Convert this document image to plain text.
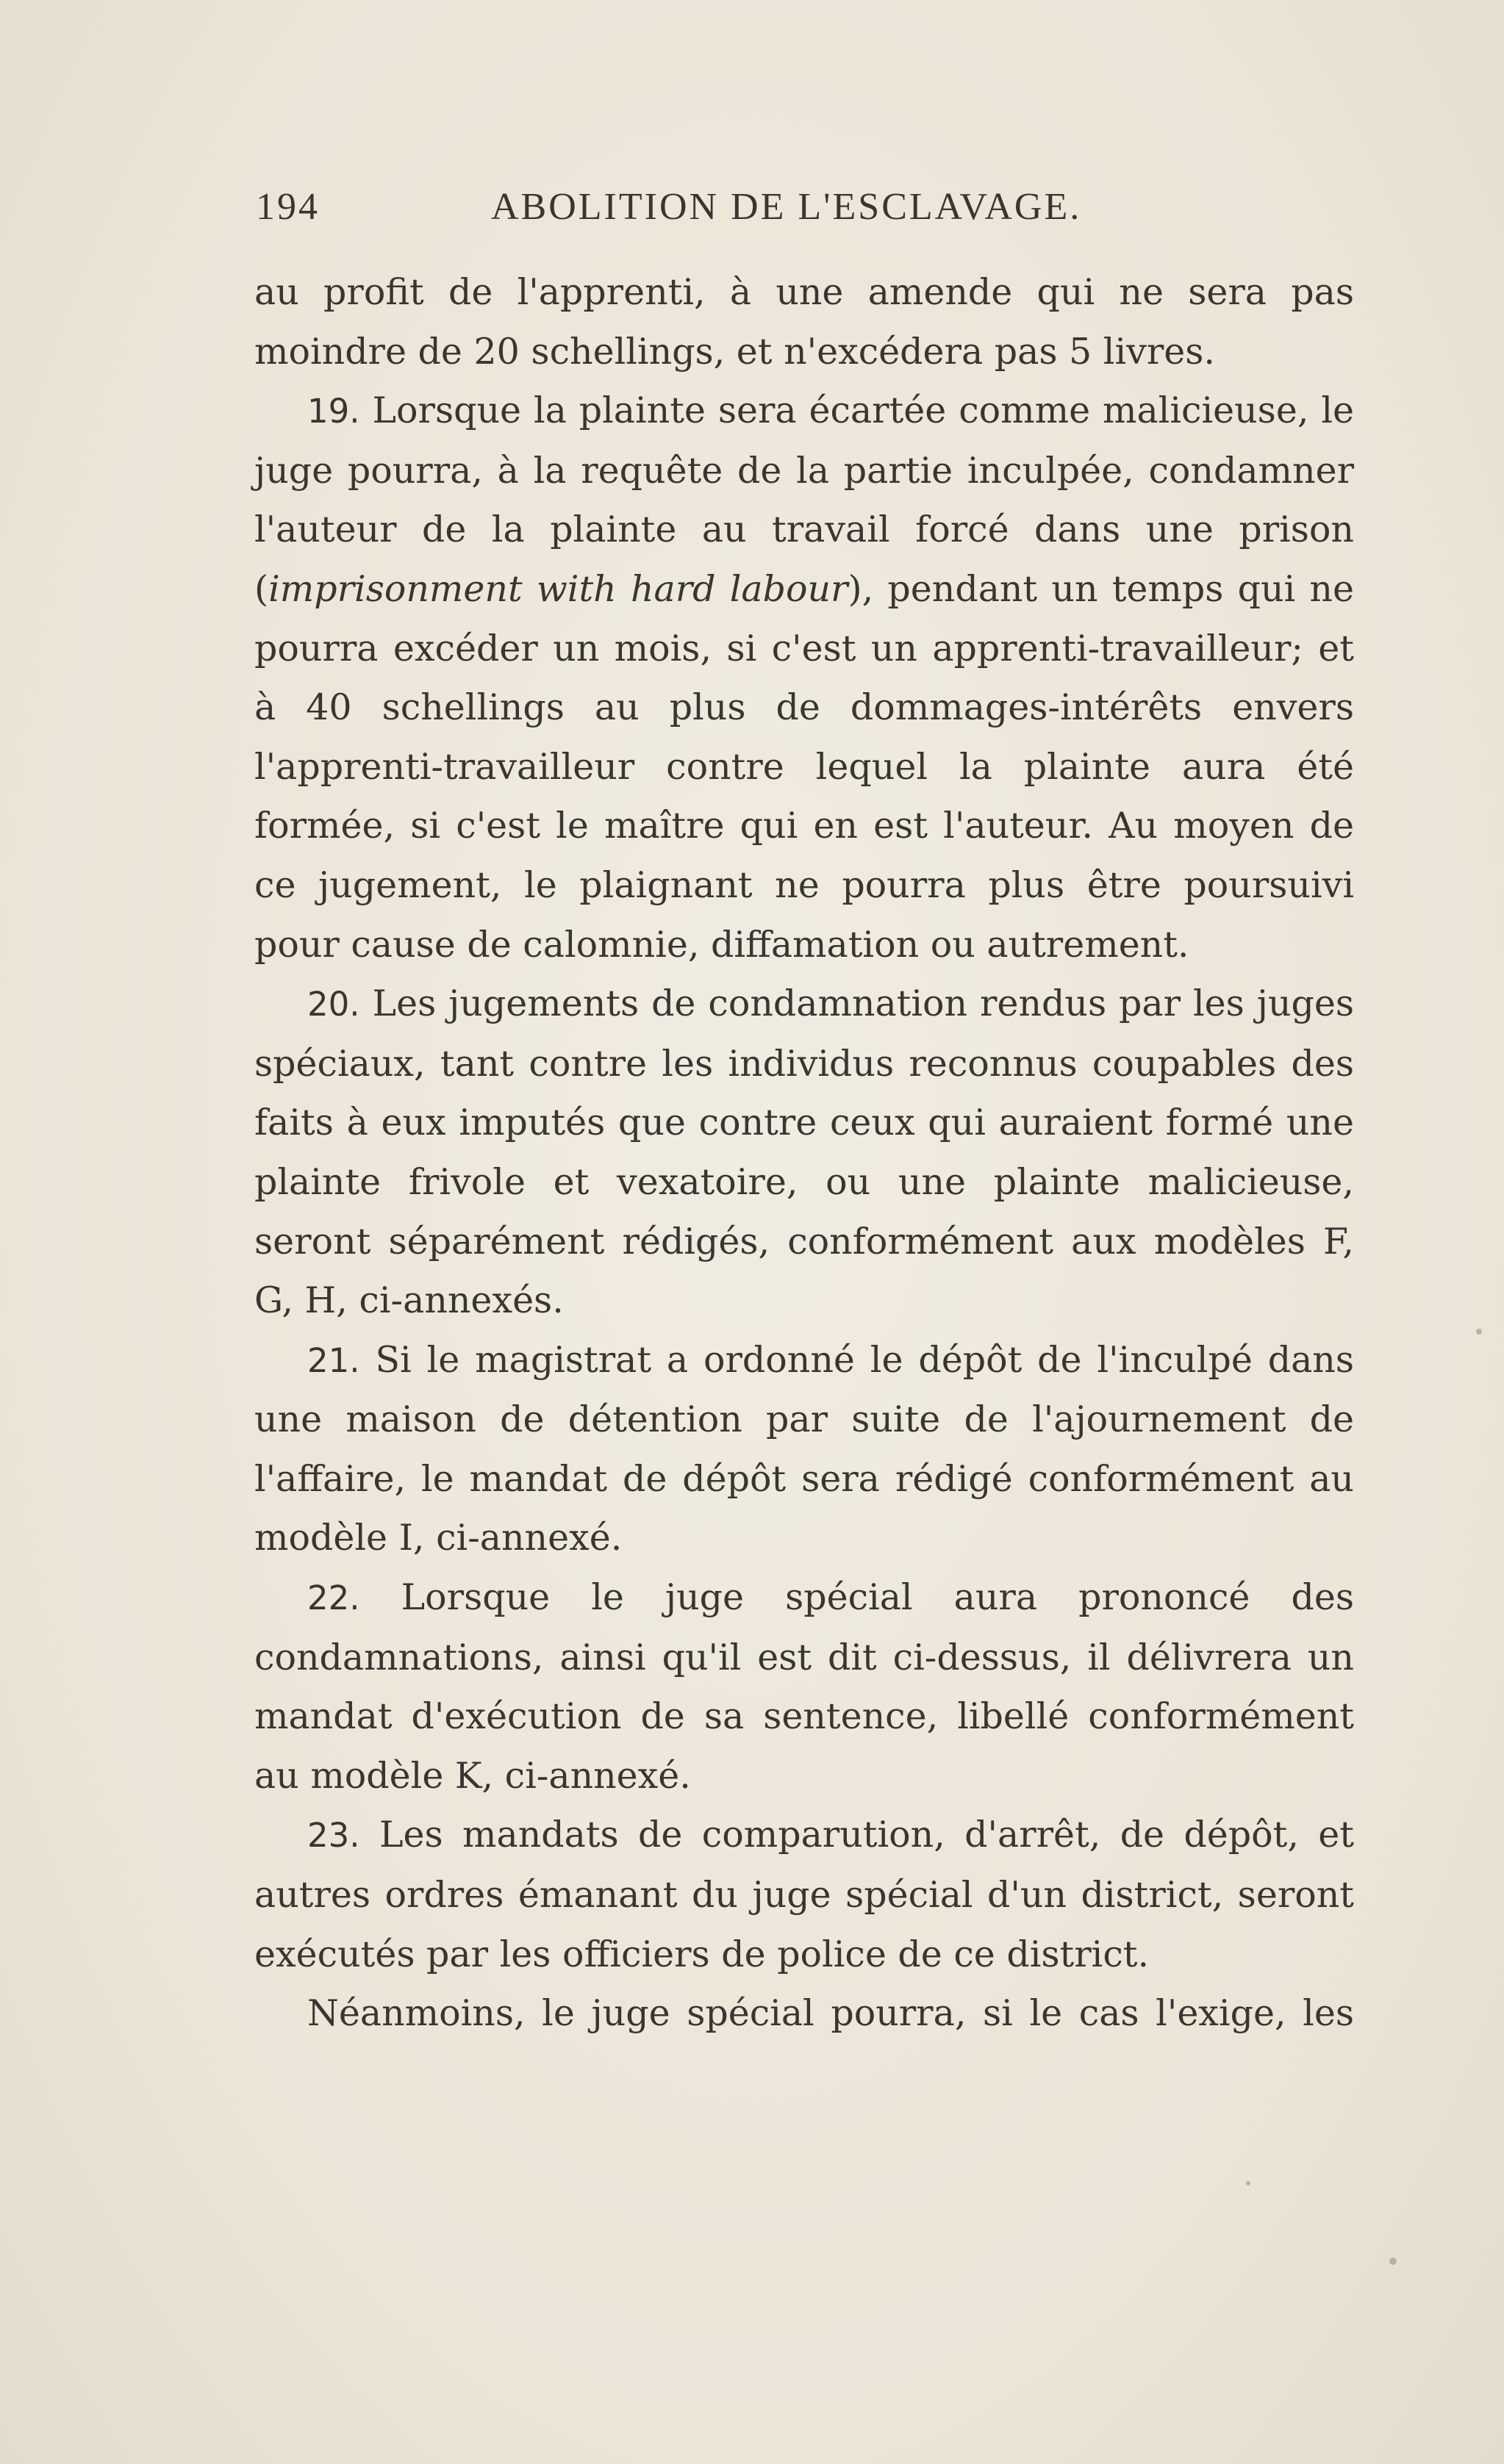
194	ABOLITION DE L'ESCLAVAGE.

au profit de l'apprenti, à une amende qui ne sera pas moindre de 20 schellings, et n'excédera pas 5 livres.

19. Lorsque la plainte sera écartée comme malicieuse, le juge pourra, à la requête de la partie inculpée, condamner l'auteur de la plainte au travail forcé dans une prison (imprisonment with hard labour), pendant un temps qui ne pourra excéder un mois, si c'est un apprenti-travailleur; et à 40 schellings au plus de dommages-intérêts envers l'apprenti-travailleur contre lequel la plainte aura été formée, si c'est le maître qui en est l'auteur. Au moyen de ce jugement, le plaignant ne pourra plus être poursuivi pour cause de calomnie, diffamation ou autrement.

20. Les jugements de condamnation rendus par les juges spéciaux, tant contre les individus reconnus coupables des faits à eux imputés que contre ceux qui auraient formé une plainte frivole et vexatoire, ou une plainte malicieuse, seront séparément rédigés, conformément aux modèles F, G, H, ci-annexés.

21. Si le magistrat a ordonné le dépôt de l'inculpé dans une maison de détention par suite de l'ajournement de l'affaire, le mandat de dépôt sera rédigé conformément au modèle I, ci-annexé.

22. Lorsque le juge spécial aura prononcé des condamnations, ainsi qu'il est dit ci-dessus, il délivrera un mandat d'exécution de sa sentence, libellé conformément au modèle K, ci-annexé.

23. Les mandats de comparution, d'arrêt, de dépôt, et autres ordres émanant du juge spécial d'un district, seront exécutés par les officiers de police de ce district.

Néanmoins, le juge spécial pourra, si le cas l'exige, les
